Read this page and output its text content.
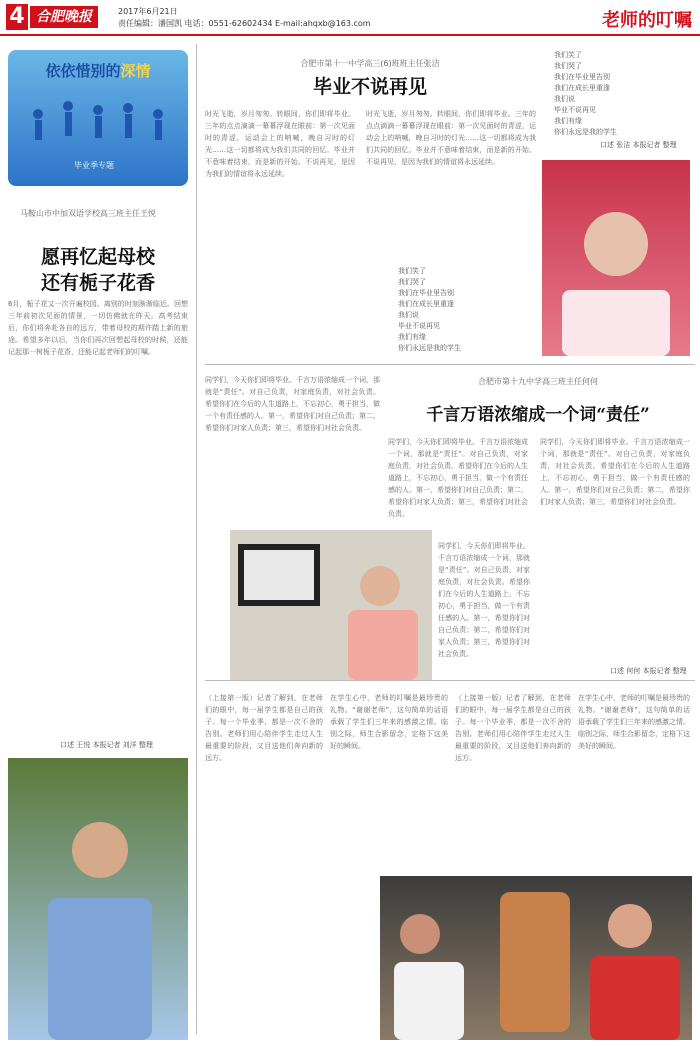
4 合肥晚报	2017年6月21日
责任编辑：潘国凯 电话：0551-62602434 E-mail:ahqxb@163.com	老师的叮嘱
依依惜别的深情
毕业季专题
马鞍山市中加双语学校高三班主任王悦
愿再忆起母校
还有栀子花香
6月，栀子花又一次开遍校园。离别的时刻渐渐临近。回想三年前初次见面的情景，一切仿佛就在昨天。高考结束后，你们将奔赴各自的远方，带着母校的期许踏上新的旅途。希望多年以后，当你们再次回想起母校的时候，还能记起那一树栀子花香，还能记起老师们的叮嘱。
口述 王悦 本报记者 刘洋 整理
合肥市第十一中学高三(6)班班主任张洁
毕业不说再见
时光飞逝，岁月匆匆。转眼间，你们即将毕业。三年的点点滴滴一幕幕浮现在眼前：第一次见面时的青涩，运动会上的呐喊，晚自习时的灯光……这一切都将成为我们共同的回忆。毕业并不意味着结束，而是新的开始。不说再见，是因为我们的情谊将永远延续。
时光飞逝，岁月匆匆。转眼间，你们即将毕业。三年的点点滴滴一幕幕浮现在眼前：第一次见面时的青涩，运动会上的呐喊，晚自习时的灯光……这一切都将成为我们共同的回忆。毕业并不意味着结束，而是新的开始。不说再见，是因为我们的情谊将永远延续。
我们笑了
我们哭了
我们在毕业里告别
我们在成长里重逢
我们说
毕业不说再见
我们有缘
你们永远是我的学生
我们笑了
我们哭了
我们在毕业里告别
我们在成长里重逢
我们说
毕业不说再见
我们有缘
你们永远是我的学生
口述 张洁 本报记者 整理
同学们，今天你们即将毕业。千言万语浓缩成一个词，那就是“责任”。对自己负责，对家庭负责，对社会负责。希望你们在今后的人生道路上，不忘初心，勇于担当，做一个有责任感的人。第一，希望你们对自己负责；第二，希望你们对家人负责；第三，希望你们对社会负责。
合肥市第十九中学高三班主任何何
千言万语浓缩成一个词“责任”
同学们，今天你们即将毕业。千言万语浓缩成一个词，那就是“责任”。对自己负责，对家庭负责，对社会负责。希望你们在今后的人生道路上，不忘初心，勇于担当，做一个有责任感的人。第一，希望你们对自己负责；第二，希望你们对家人负责；第三，希望你们对社会负责。
同学们，今天你们即将毕业。千言万语浓缩成一个词，那就是“责任”。对自己负责，对家庭负责，对社会负责。希望你们在今后的人生道路上，不忘初心，勇于担当，做一个有责任感的人。第一，希望你们对自己负责；第二，希望你们对家人负责；第三，希望你们对社会负责。
同学们，今天你们即将毕业。千言万语浓缩成一个词，那就是“责任”。对自己负责，对家庭负责，对社会负责。希望你们在今后的人生道路上，不忘初心，勇于担当，做一个有责任感的人。第一，希望你们对自己负责；第二，希望你们对家人负责；第三，希望你们对社会负责。
口述 何何 本报记者 整理
（上接第一版）记者了解到，在老师们的眼中，每一届学生都是自己的孩子。每一个毕业季，都是一次不舍的告别。老师们用心陪伴学生走过人生最重要的阶段，又目送他们奔向新的远方。
在学生心中，老师的叮嘱是最珍贵的礼物。“谢谢老师”，这句简单的话语承载了学生们三年来的感激之情。临别之际，师生合影留念，定格下这美好的瞬间。
（上接第一版）记者了解到，在老师们的眼中，每一届学生都是自己的孩子。每一个毕业季，都是一次不舍的告别。老师们用心陪伴学生走过人生最重要的阶段，又目送他们奔向新的远方。
在学生心中，老师的叮嘱是最珍贵的礼物。“谢谢老师”，这句简单的话语承载了学生们三年来的感激之情。临别之际，师生合影留念，定格下这美好的瞬间。
